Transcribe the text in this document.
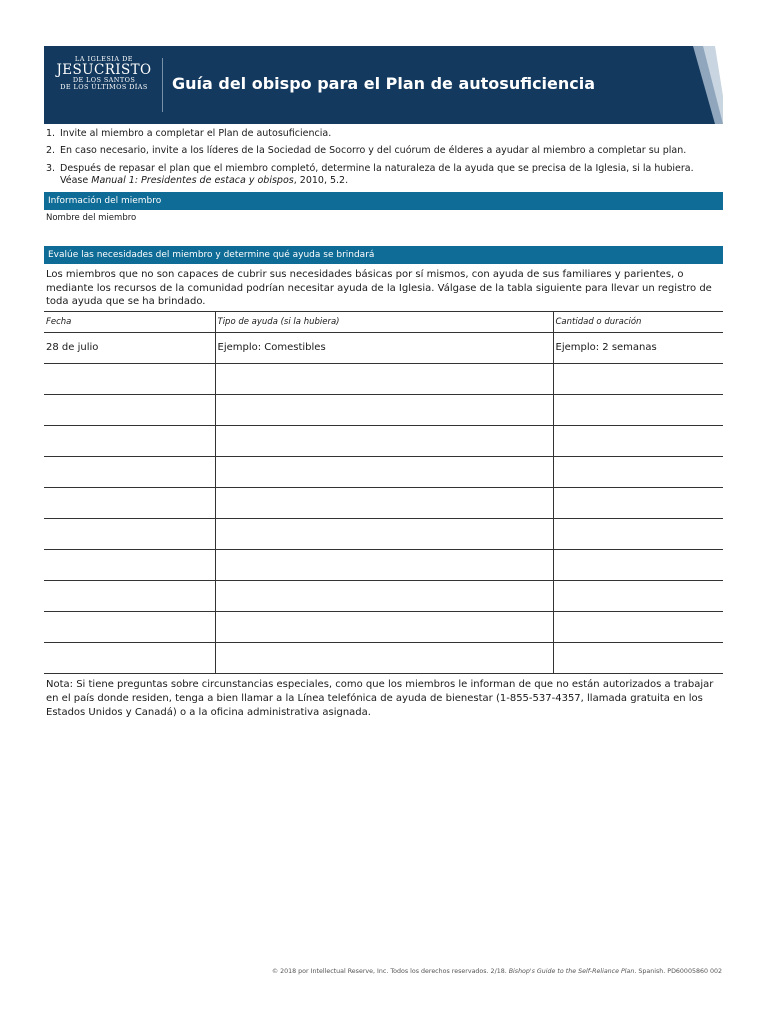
LA IGLESIA DE
JESUCRISTO
DE LOS SANTOS
DE LOS ÚLTIMOS DÍAS	Guía del obispo para el Plan de autosuficiencia
1. Invite al miembro a completar el Plan de autosuficiencia.
2. En caso necesario, invite a los líderes de la Sociedad de Socorro y del cuórum de élderes a ayudar al miembro a completar su plan.
3. Después de repasar el plan que el miembro completó, determine la naturaleza de la ayuda que se precisa de la Iglesia, si la hubiera.
Véase Manual 1: Presidentes de estaca y obispos, 2010, 5.2.
Información del miembro
Nombre del miembro
Evalúe las necesidades del miembro y determine qué ayuda se brindará
Los miembros que no son capaces de cubrir sus necesidades básicas por sí mismos, con ayuda de sus familiares y parientes, o mediante los recursos de la comunidad podrían necesitar ayuda de la Iglesia. Válgase de la tabla siguiente para llevar un registro de toda ayuda que se ha brindado.
Fecha	Tipo de ayuda (si la hubiera)	Cantidad o duración
28 de julio	Ejemplo: Comestibles	Ejemplo: 2 semanas

Nota: Si tiene preguntas sobre circunstancias especiales, como que los miembros le informan de que no están autorizados a trabajar en el país donde residen, tenga a bien llamar a la Línea telefónica de ayuda de bienestar (1-855-537-4357, llamada gratuita en los Estados Unidos y Canadá) o a la oficina administrativa asignada.
© 2018 por Intellectual Reserve, Inc. Todos los derechos reservados. 2/18. Bishop's Guide to the Self-Reliance Plan. Spanish. PD60005860 002
